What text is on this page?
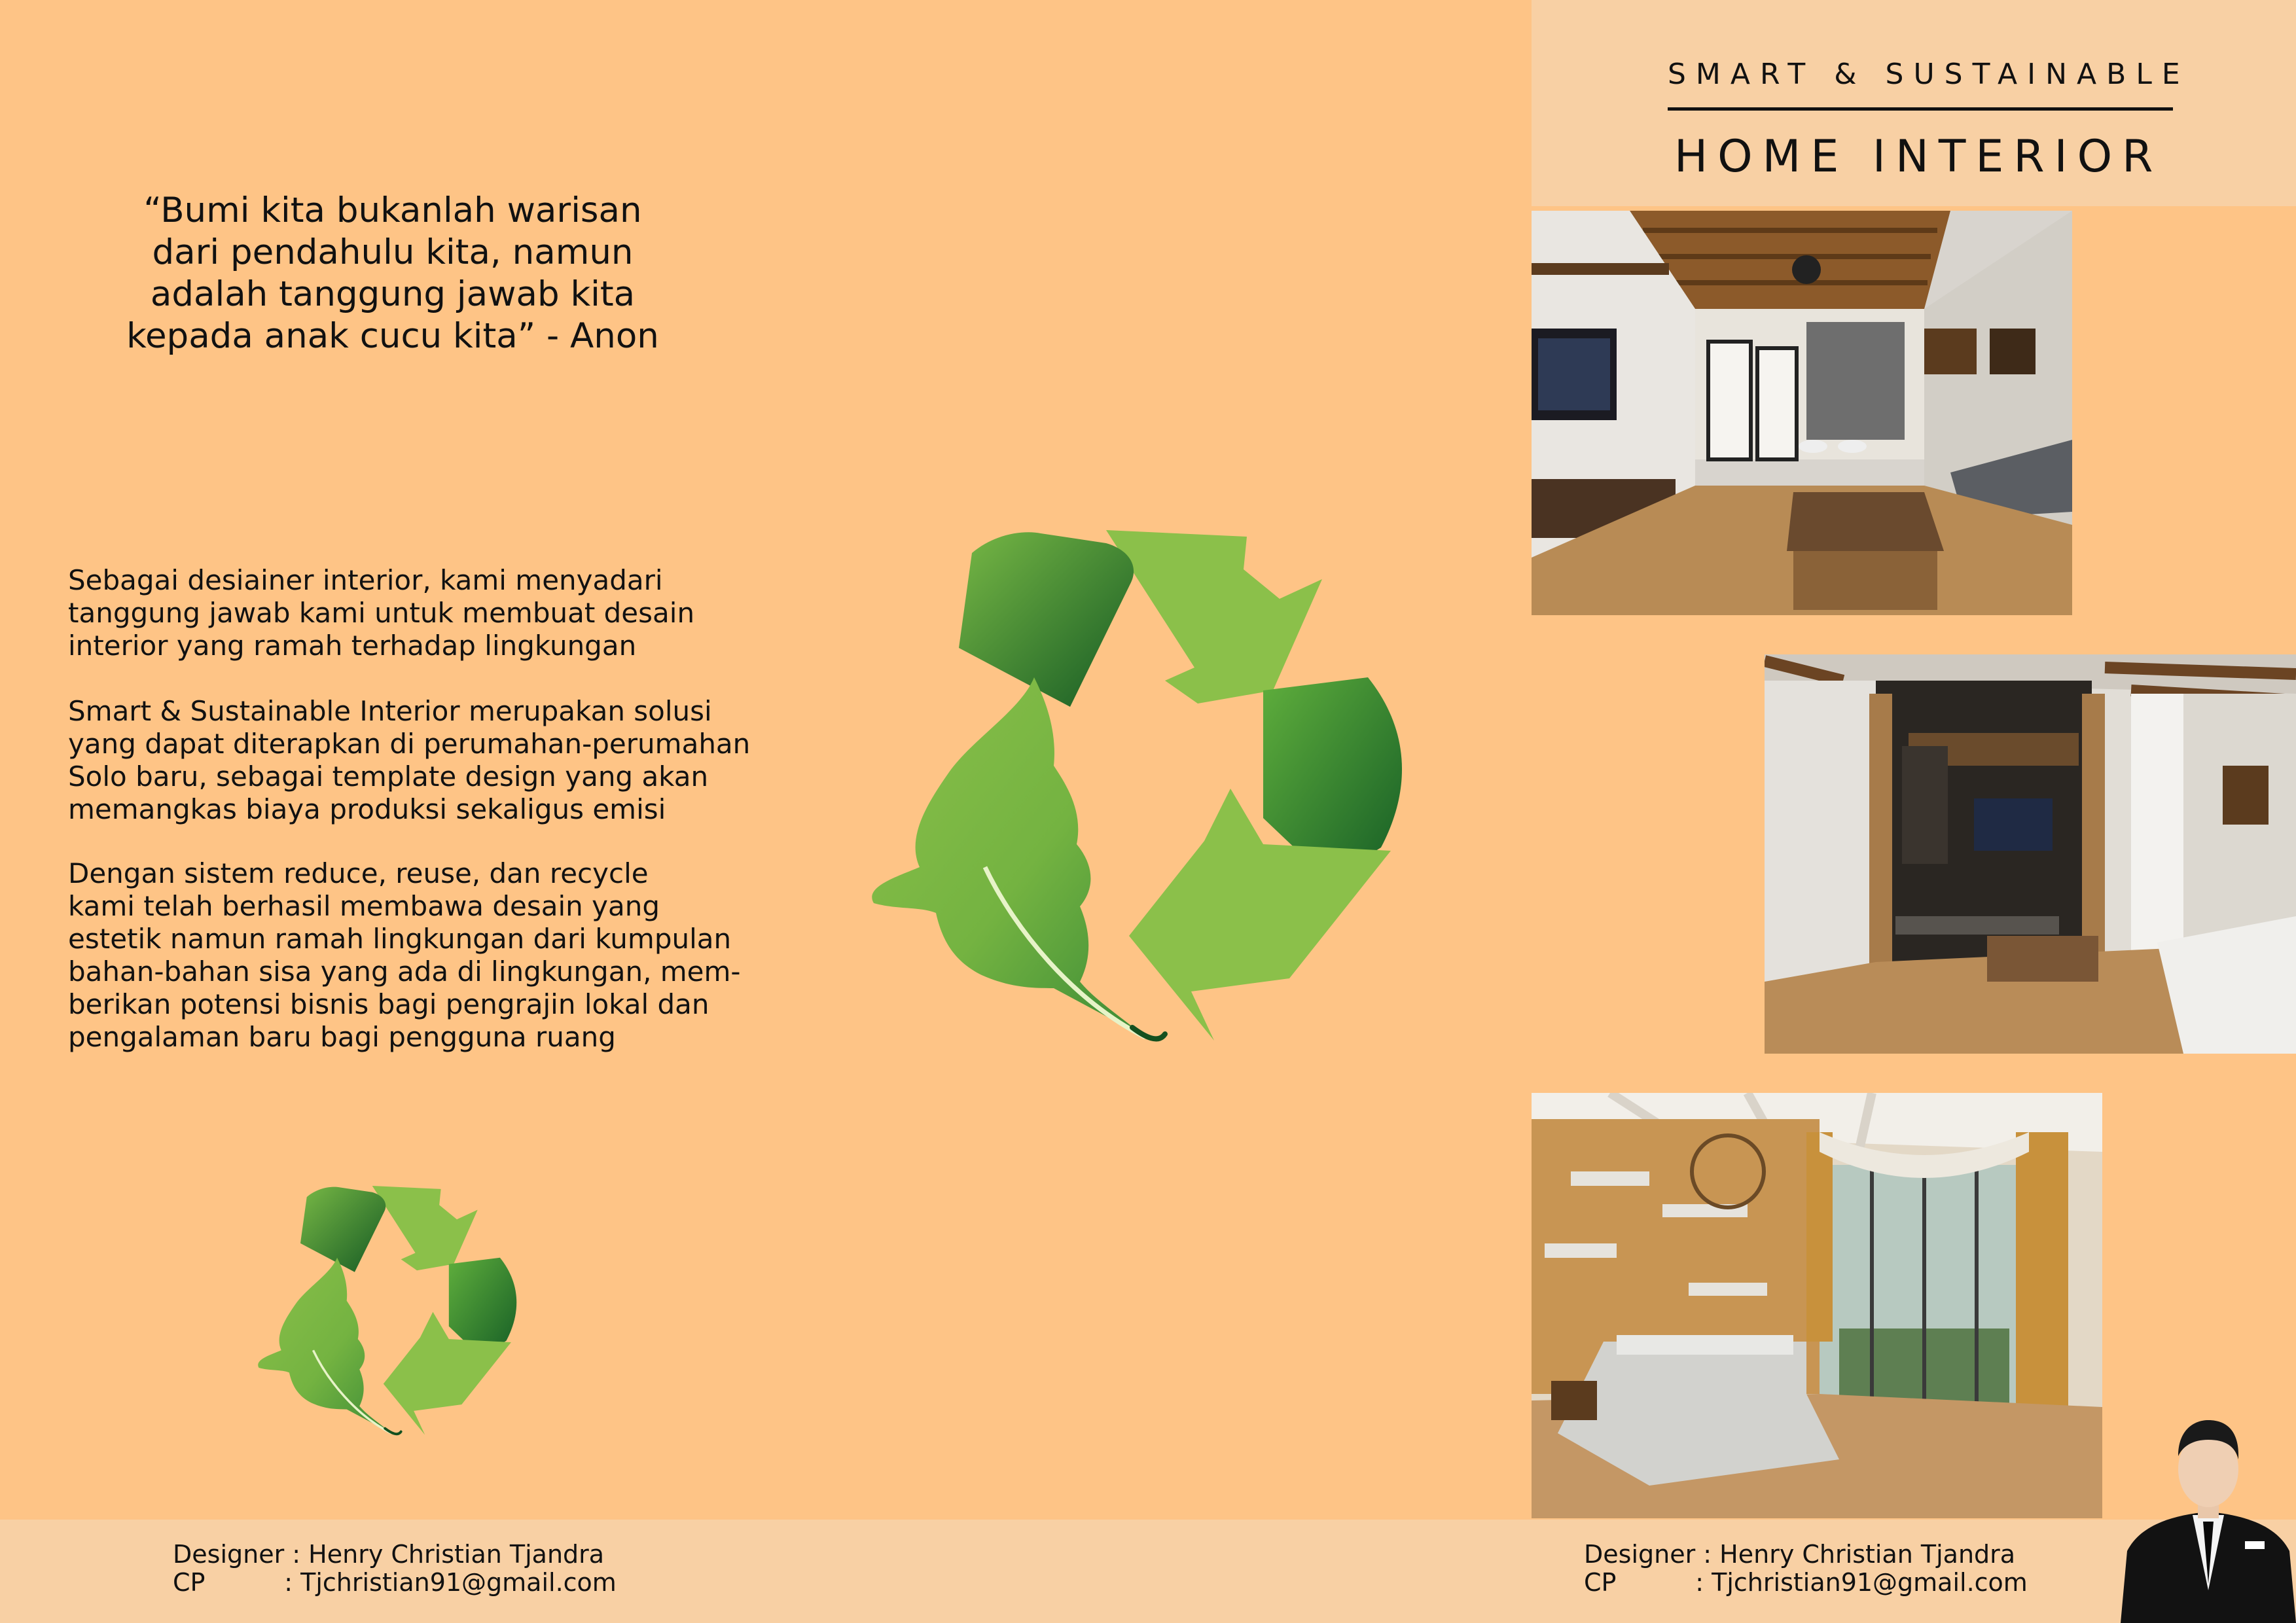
SMART & SUSTAINABLE
HOME INTERIOR
“Bumi kita bukanlah warisan
dari pendahulu kita, namun
adalah tanggung jawab kita
kepada anak cucu kita” - Anon
Sebagai desiainer interior, kami menyadari
tanggung jawab kami untuk membuat desain
interior yang ramah terhadap lingkungan
Smart & Sustainable Interior merupakan solusi
yang dapat diterapkan di perumahan-perumahan
Solo baru, sebagai template design yang akan
memangkas biaya produksi sekaligus emisi
Dengan sistem reduce, reuse, dan recycle
kami telah berhasil membawa desain yang
estetik namun ramah lingkungan dari kumpulan
bahan-bahan sisa yang ada di lingkungan, mem-
berikan potensi bisnis bagi pengrajin lokal dan
pengalaman baru bagi pengguna ruang
Designer : Henry Christian Tjandra
CP          : Tjchristian91@gmail.com
Designer : Henry Christian Tjandra
CP          : Tjchristian91@gmail.com
